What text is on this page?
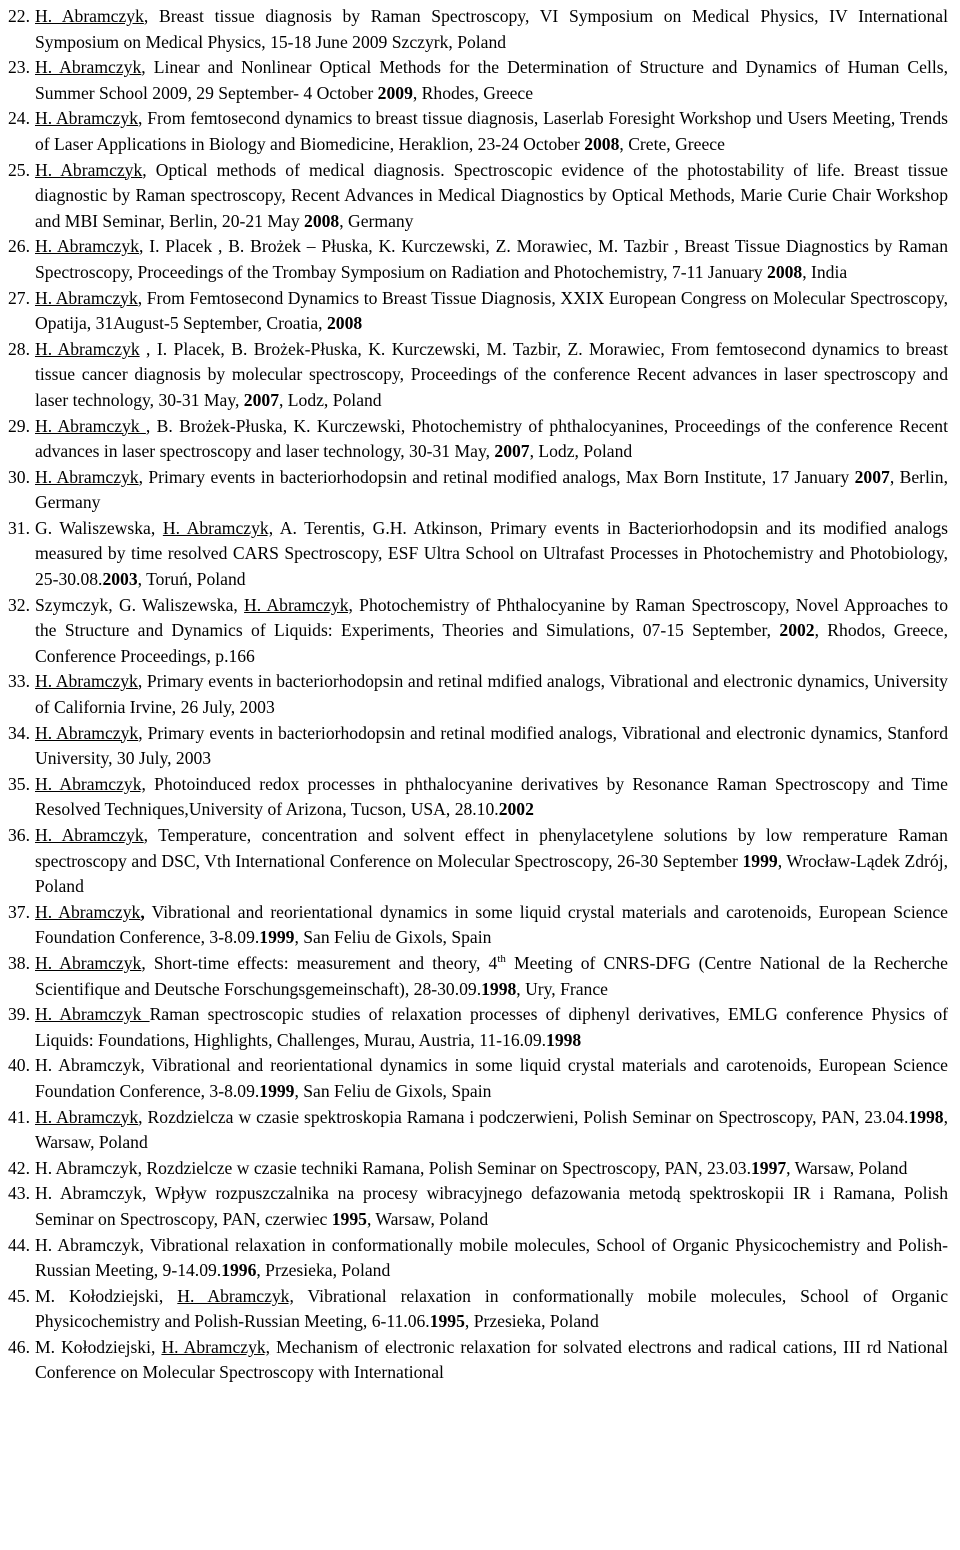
22. H. Abramczyk, Breast tissue diagnosis by Raman Spectroscopy, VI Symposium on Medical Physics, IV International Symposium on Medical Physics, 15-18 June 2009 Szczyrk, Poland
23. H. Abramczyk, Linear and Nonlinear Optical Methods for the Determination of Structure and Dynamics of Human Cells, Summer School 2009, 29 September- 4 October 2009, Rhodes, Greece
24. H. Abramczyk, From femtosecond dynamics to breast tissue diagnosis, Laserlab Foresight Workshop und Users Meeting, Trends of Laser Applications in Biology and Biomedicine, Heraklion, 23-24 October 2008, Crete, Greece
25. H. Abramczyk, Optical methods of medical diagnosis. Spectroscopic evidence of the photostability of life. Breast tissue diagnostic by Raman spectroscopy, Recent Advances in Medical Diagnostics by Optical Methods, Marie Curie Chair Workshop and MBI Seminar, Berlin, 20-21 May 2008, Germany
26. H. Abramczyk, I. Placek , B. Brożek – Płuska, K. Kurczewski, Z. Morawiec, M. Tazbir , Breast Tissue Diagnostics by Raman Spectroscopy, Proceedings of the Trombay Symposium on Radiation and Photochemistry, 7-11 January 2008, India
27. H. Abramczyk, From Femtosecond Dynamics to Breast Tissue Diagnosis, XXIX European Congress on Molecular Spectroscopy, Opatija, 31August-5 September, Croatia, 2008
28. H. Abramczyk , I. Placek, B. Brożek-Płuska, K. Kurczewski, M. Tazbir, Z. Morawiec, From femtosecond dynamics to breast tissue cancer diagnosis by molecular spectroscopy, Proceedings of the conference Recent advances in laser spectroscopy and laser technology, 30-31 May, 2007, Lodz, Poland
29. H. Abramczyk , B. Brożek-Płuska, K. Kurczewski, Photochemistry of phthalocyanines, Proceedings of the conference Recent advances in laser spectroscopy and laser technology, 30-31 May, 2007, Lodz, Poland
30. H. Abramczyk, Primary events in bacteriorhodopsin and retinal modified analogs, Max Born Institute, 17 January 2007, Berlin, Germany
31. G. Waliszewska, H. Abramczyk, A. Terentis, G.H. Atkinson, Primary events in Bacteriorhodopsin and its modified analogs measured by time resolved CARS Spectroscopy, ESF Ultra School on Ultrafast Processes in Photochemistry and Photobiology, 25-30.08.2003, Toruń, Poland
32. Szymczyk, G. Waliszewska, H. Abramczyk, Photochemistry of Phthalocyanine by Raman Spectroscopy, Novel Approaches to the Structure and Dynamics of Liquids: Experiments, Theories and Simulations, 07-15 September, 2002, Rhodos, Greece, Conference Proceedings, p.166
33. H. Abramczyk, Primary events in bacteriorhodopsin and retinal mdified analogs, Vibrational and electronic dynamics, University of California Irvine, 26 July, 2003
34. H. Abramczyk, Primary events in bacteriorhodopsin and retinal modified analogs, Vibrational and electronic dynamics, Stanford University, 30 July, 2003
35. H. Abramczyk, Photoinduced redox processes in phthalocyanine derivatives by Resonance Raman Spectroscopy and Time Resolved Techniques,University of Arizona, Tucson, USA, 28.10.2002
36. H. Abramczyk, Temperature, concentration and solvent effect in phenylacetylene solutions by low remperature Raman spectroscopy and DSC, Vth International Conference on Molecular Spectroscopy, 26-30 September 1999, Wrocław-Lądek Zdrój, Poland
37. H. Abramczyk, Vibrational and reorientational dynamics in some liquid crystal materials and carotenoids, European Science Foundation Conference, 3-8.09.1999, San Feliu de Gixols, Spain
38. H. Abramczyk, Short-time effects: measurement and theory, 4th Meeting of CNRS-DFG (Centre National de la Recherche Scientifique and Deutsche Forschungsgemeinschaft), 28-30.09.1998, Ury, France
39. H. Abramczyk Raman spectroscopic studies of relaxation processes of diphenyl derivatives, EMLG conference Physics of Liquids: Foundations, Highlights, Challenges, Murau, Austria, 11-16.09.1998
40. H. Abramczyk, Vibrational and reorientational dynamics in some liquid crystal materials and carotenoids, European Science Foundation Conference, 3-8.09.1999, San Feliu de Gixols, Spain
41. H. Abramczyk, Rozdzielcza w czasie spektroskopia Ramana i podczerwieni, Polish Seminar on Spectroscopy, PAN, 23.04.1998, Warsaw, Poland
42. H. Abramczyk, Rozdzielcze w czasie techniki Ramana, Polish Seminar on Spectroscopy, PAN, 23.03.1997, Warsaw, Poland
43. H. Abramczyk, Wpływ rozpuszczalnika na procesy wibracyjnego defazowania metodą spektroskopii IR i Ramana, Polish Seminar on Spectroscopy, PAN, czerwiec 1995, Warsaw, Poland
44. H. Abramczyk, Vibrational relaxation in conformationally mobile molecules, School of Organic Physicochemistry and Polish-Russian Meeting, 9-14.09.1996, Przesieka, Poland
45. M. Kołodziejski, H. Abramczyk, Vibrational relaxation in conformationally mobile molecules, School of Organic Physicochemistry and Polish-Russian Meeting, 6-11.06.1995, Przesieka, Poland
46. M. Kołodziejski, H. Abramczyk, Mechanism of electronic relaxation for solvated electrons and radical cations, III rd National Conference on Molecular Spectroscopy with International
